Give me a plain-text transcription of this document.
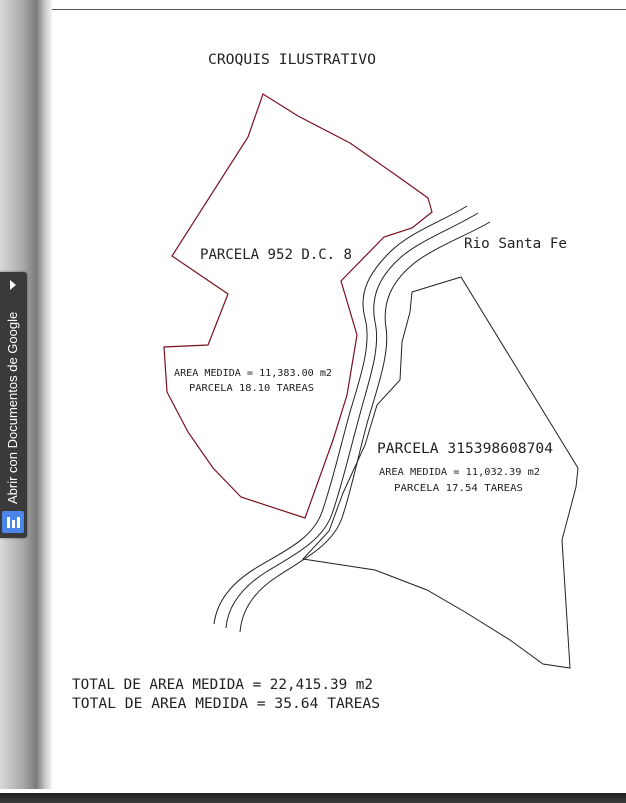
Abrir con Documentos de Google
CROQUIS ILUSTRATIVO
PARCELA 952 D.C. 8
AREA MEDIDA = 11,383.00 m2
PARCELA 18.10 TAREAS
Rio Santa Fe
PARCELA 315398608704
AREA MEDIDA = 11,032.39 m2
PARCELA 17.54 TAREAS
TOTAL DE AREA MEDIDA = 22,415.39 m2
TOTAL DE AREA MEDIDA = 35.64 TAREAS
